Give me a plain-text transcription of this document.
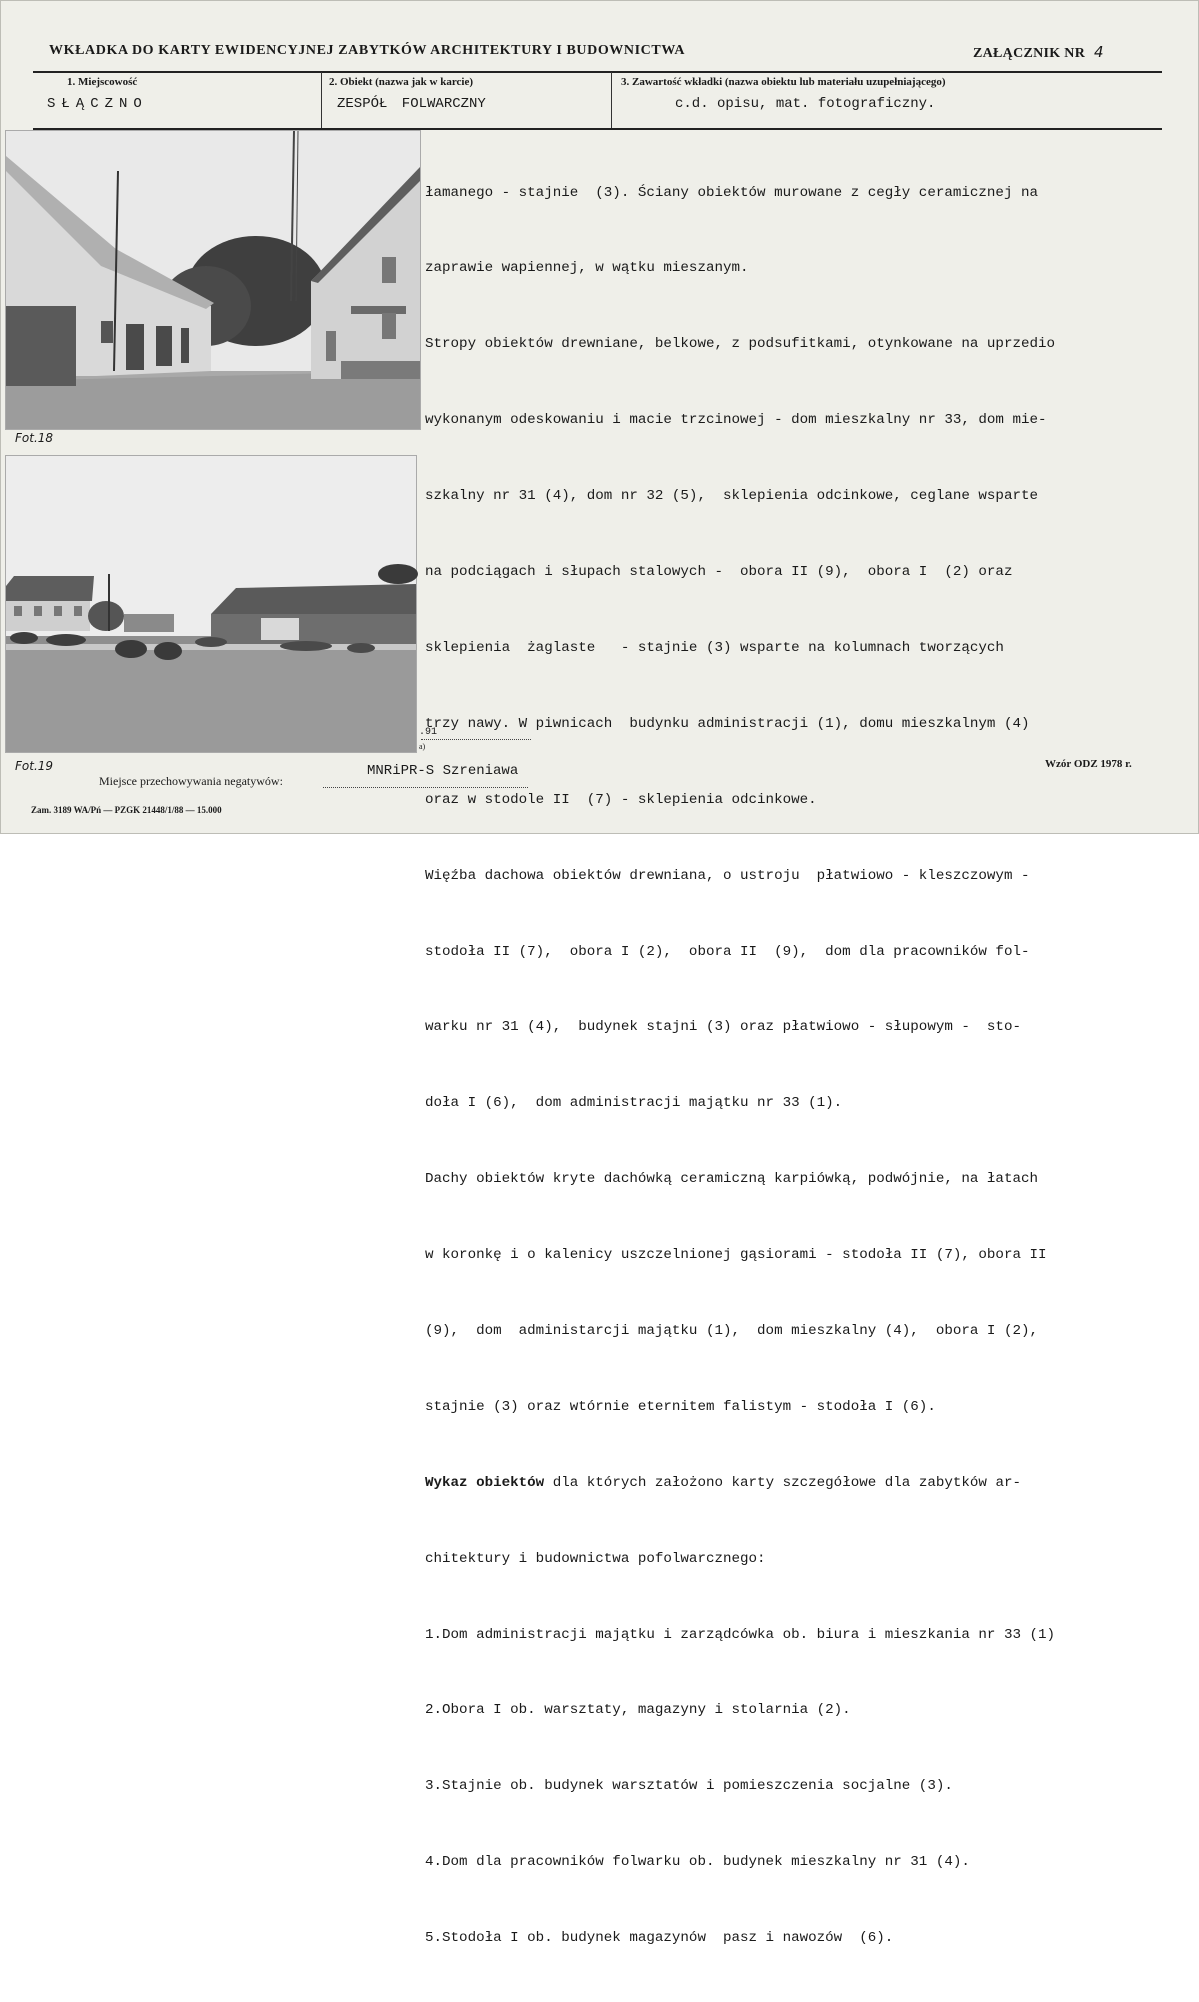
WKŁADKA DO KARTY EWIDENCYJNEJ ZABYTKÓW ARCHITEKTURY I BUDOWNICTWA	ZAŁĄCZNIK NR 4
1. Miejscowość
SŁĄCZNO
2. Obiekt (nazwa jak w karcie)
ZESPÓŁ FOLWARCZNY
3. Zawartość wkładki (nazwa obiektu lub materiału uzupełniającego)
c.d. opisu, mat. fotograficzny.
Fot.18
Fot.19

łamanego - stajnie  (3). Ściany obiektów murowane z cegły ceramicznej na

zaprawie wapiennej, w wątku mieszanym.

Stropy obiektów drewniane, belkowe, z podsufitkami, otynkowane na uprzedio

wykonanym odeskowaniu i macie trzcinowej - dom mieszkalny nr 33, dom mie-

szkalny nr 31 (4), dom nr 32 (5),  sklepienia odcinkowe, ceglane wsparte

na podciągach i słupach stalowych -  obora II (9),  obora I  (2) oraz

sklepienia  żaglaste   - stajnie (3) wsparte na kolumnach tworzących

trzy nawy. W piwnicach  budynku administracji (1), domu mieszkalnym (4)

oraz w stodole II  (7) - sklepienia odcinkowe.

Więźba dachowa obiektów drewniana, o ustroju  płatwiowo - kleszczowym -

stodoła II (7),  obora I (2),  obora II  (9),  dom dla pracowników fol-

warku nr 31 (4),  budynek stajni (3) oraz płatwiowo - słupowym -  sto-

doła I (6),  dom administracji majątku nr 33 (1).

Dachy obiektów kryte dachówką ceramiczną karpiówką, podwójnie, na łatach

w koronkę i o kalenicy uszczelnionej gąsiorami - stodoła II (7), obora II

(9),  dom  administarcji majątku (1),  dom mieszkalny (4),  obora I (2),

stajnie (3) oraz wtórnie eternitem falistym - stodoła I (6).

Wykaz obiektów dla których założono karty szczegółowe dla zabytków ar-

chitektury i budownictwa pofolwarcznego:

1.Dom administracji majątku i zarządcówka ob. biura i mieszkania nr 33 (1)

2.Obora I ob. warsztaty, magazyny i stolarnia (2).

3.Stajnie ob. budynek warsztatów i pomieszczenia socjalne (3).

4.Dom dla pracowników folwarku ob. budynek mieszkalny nr 31 (4).

5.Stodoła I ob. budynek magazynów  pasz i nawozów  (6).

.91
a)
Miejsce przechowywania negatywów:
MNRiPR-S Szreniawa	Wzór ODZ 1978 r.
Zam. 3189 WA/Pń — PZGK 21448/1/88 — 15.000
